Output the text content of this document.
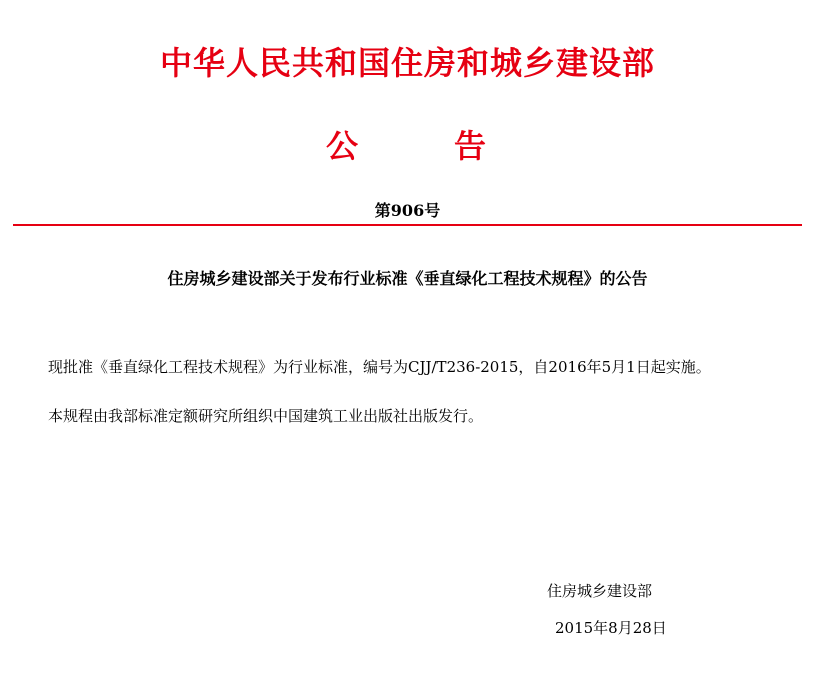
中华人民共和国住房和城乡建设部
公	告
第906号
住房城乡建设部关于发布行业标准《垂直绿化工程技术规程》的公告
现批准《垂直绿化工程技术规程》为行业标准，编号为CJJ/T236-2015，自2016年5月1日起实施。
本规程由我部标准定额研究所组织中国建筑工业出版社出版发行。
住房城乡建设部
2015年8月28日
